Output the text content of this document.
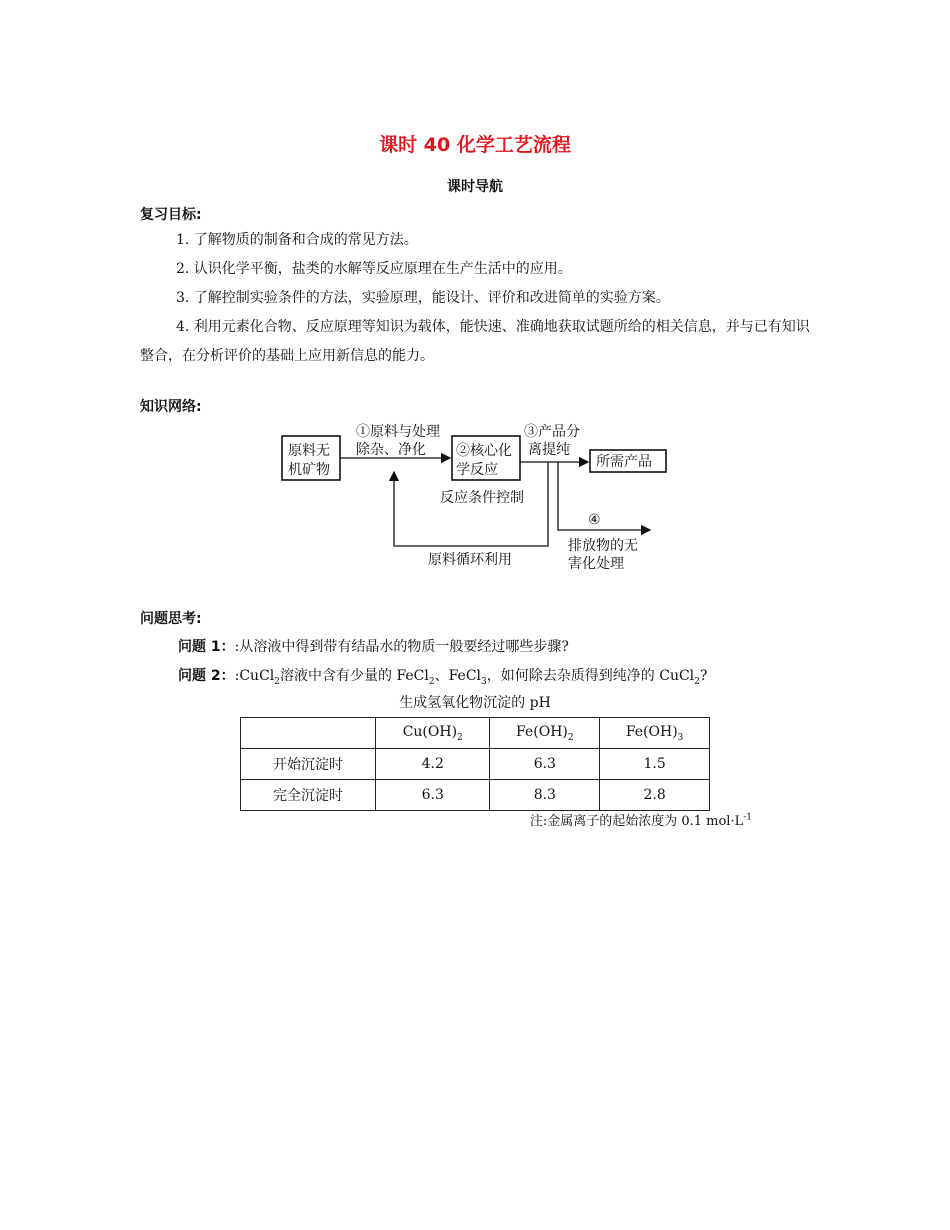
课时 40 化学工艺流程
课时导航
复习目标:
1. 了解物质的制备和合成的常见方法。
2. 认识化学平衡，盐类的水解等反应原理在生产生活中的应用。
3. 了解控制实验条件的方法，实验原理，能设计、评价和改进简单的实验方案。
4. 利用元素化合物、反应原理等知识为载体，能快速、准确地获取试题所给的相关信息，并与已有知识整合，在分析评价的基础上应用新信息的能力。
知识网络:
原料无
机矿物
①原料与处理
除杂、净化 ②核心化
学反应
反应条件控制
③产品分
离提纯
所需产品
原料循环利用
④
排放物的无
害化处理
问题思考:
问题 1：:从溶液中得到带有结晶水的物质一般要经过哪些步骤?
问题 2：:CuCl$_2$溶液中含有少量的 FeCl$_2$、FeCl$_3$，如何除去杂质得到纯净的 CuCl$_2$?
生成氢氧化物沉淀的 pH
	$Cu(OH)_2$	$Fe(OH)_2$	$Fe(OH)_3$
开始沉淀时	4.2	6.3	1.5
完全沉淀时	6.3	8.3	2.8
注:金属离子的起始浓度为 0.1 $mol\cdot L^{-1}$
